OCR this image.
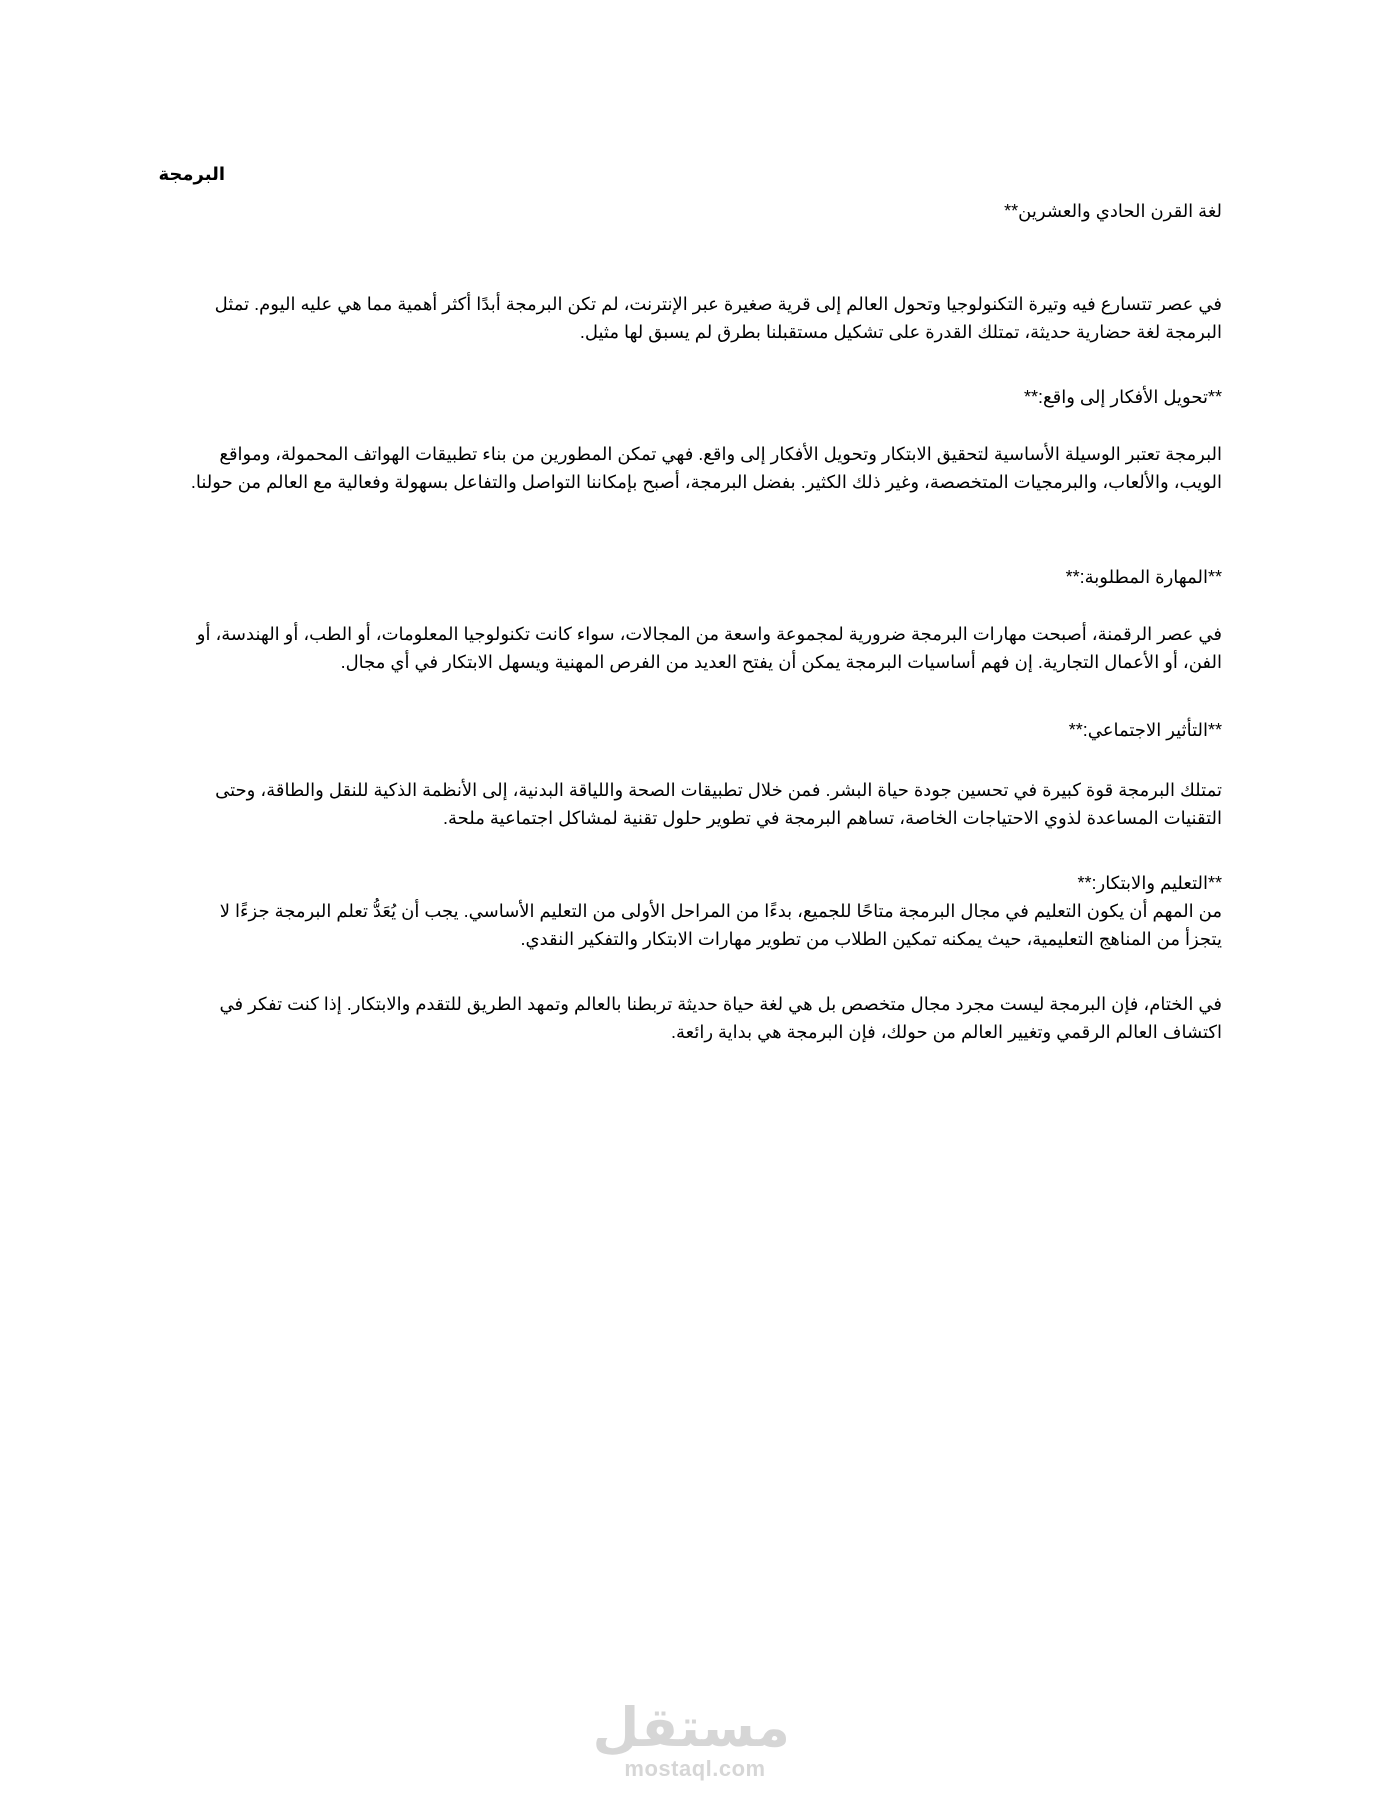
البرمجة

لغة القرن الحادي والعشرين**

في عصر تتسارع فيه وتيرة التكنولوجيا وتحول العالم إلى قرية صغيرة عبر الإنترنت، لم تكن البرمجة أبدًا أكثر أهمية مما هي عليه اليوم. تمثل البرمجة لغة حضارية حديثة، تمتلك القدرة على تشكيل مستقبلنا بطرق لم يسبق لها مثيل.

**تحويل الأفكار إلى واقع:**

البرمجة تعتبر الوسيلة الأساسية لتحقيق الابتكار وتحويل الأفكار إلى واقع. فهي تمكن المطورين من بناء تطبيقات الهواتف المحمولة، ومواقع الويب، والألعاب، والبرمجيات المتخصصة، وغير ذلك الكثير. بفضل البرمجة، أصبح بإمكاننا التواصل والتفاعل بسهولة وفعالية مع العالم من حولنا.

**المهارة المطلوبة:**

في عصر الرقمنة، أصبحت مهارات البرمجة ضرورية لمجموعة واسعة من المجالات، سواء كانت تكنولوجيا المعلومات، أو الطب، أو الهندسة، أو الفن، أو الأعمال التجارية. إن فهم أساسيات البرمجة يمكن أن يفتح العديد من الفرص المهنية ويسهل الابتكار في أي مجال.

**التأثير الاجتماعي:**

تمتلك البرمجة قوة كبيرة في تحسين جودة حياة البشر. فمن خلال تطبيقات الصحة واللياقة البدنية، إلى الأنظمة الذكية للنقل والطاقة، وحتى التقنيات المساعدة لذوي الاحتياجات الخاصة، تساهم البرمجة في تطوير حلول تقنية لمشاكل اجتماعية ملحة.

**التعليم والابتكار:**

من المهم أن يكون التعليم في مجال البرمجة متاحًا للجميع، بدءًا من المراحل الأولى من التعليم الأساسي. يجب أن يُعَدُّ تعلم البرمجة جزءًا لا يتجزأ من المناهج التعليمية، حيث يمكنه تمكين الطلاب من تطوير مهارات الابتكار والتفكير النقدي.

في الختام، فإن البرمجة ليست مجرد مجال متخصص بل هي لغة حياة حديثة تربطنا بالعالم وتمهد الطريق للتقدم والابتكار. إذا كنت تفكر في اكتشاف العالم الرقمي وتغيير العالم من حولك، فإن البرمجة هي بداية رائعة.

مستقل
mostaql.com
